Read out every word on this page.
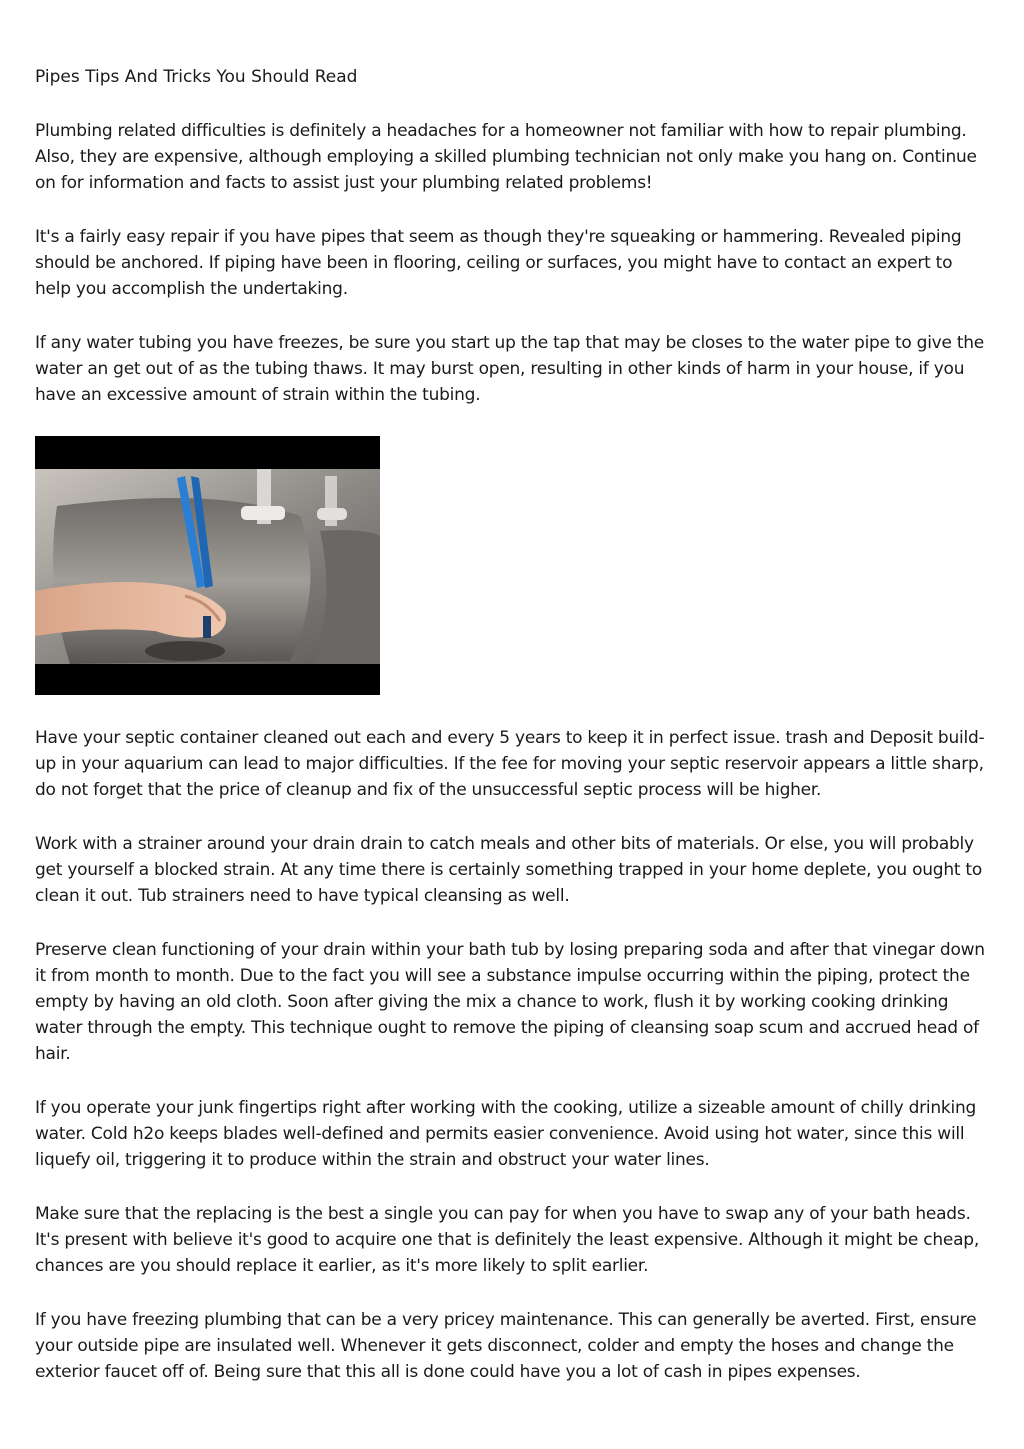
Pipes Tips And Tricks You Should Read

Plumbing related difficulties is definitely a headaches for a homeowner not familiar with how to repair plumbing. Also, they are expensive, although employing a skilled plumbing technician not only make you hang on. Continue on for information and facts to assist just your plumbing related problems!

It's a fairly easy repair if you have pipes that seem as though they're squeaking or hammering. Revealed piping should be anchored. If piping have been in flooring, ceiling or surfaces, you might have to contact an expert to help you accomplish the undertaking.

If any water tubing you have freezes, be sure you start up the tap that may be closes to the water pipe to give the water an get out of as the tubing thaws. It may burst open, resulting in other kinds of harm in your house, if you have an excessive amount of strain within the tubing.

Have your septic container cleaned out each and every 5 years to keep it in perfect issue. trash and Deposit build-up in your aquarium can lead to major difficulties. If the fee for moving your septic reservoir appears a little sharp, do not forget that the price of cleanup and fix of the unsuccessful septic process will be higher.

Work with a strainer around your drain drain to catch meals and other bits of materials. Or else, you will probably get yourself a blocked strain. At any time there is certainly something trapped in your home deplete, you ought to clean it out. Tub strainers need to have typical cleansing as well.

Preserve clean functioning of your drain within your bath tub by losing preparing soda and after that vinegar down it from month to month. Due to the fact you will see a substance impulse occurring within the piping, protect the empty by having an old cloth. Soon after giving the mix a chance to work, flush it by working cooking drinking water through the empty. This technique ought to remove the piping of cleansing soap scum and accrued head of hair.

If you operate your junk fingertips right after working with the cooking, utilize a sizeable amount of chilly drinking water. Cold h2o keeps blades well-defined and permits easier convenience. Avoid using hot water, since this will liquefy oil, triggering it to produce within the strain and obstruct your water lines.

Make sure that the replacing is the best a single you can pay for when you have to swap any of your bath heads. It's present with believe it's good to acquire one that is definitely the least expensive. Although it might be cheap, chances are you should replace it earlier, as it's more likely to split earlier.

If you have freezing plumbing that can be a very pricey maintenance. This can generally be averted. First, ensure your outside pipe are insulated well. Whenever it gets disconnect, colder and empty the hoses and change the exterior faucet off of. Being sure that this all is done could have you a lot of cash in pipes expenses.
